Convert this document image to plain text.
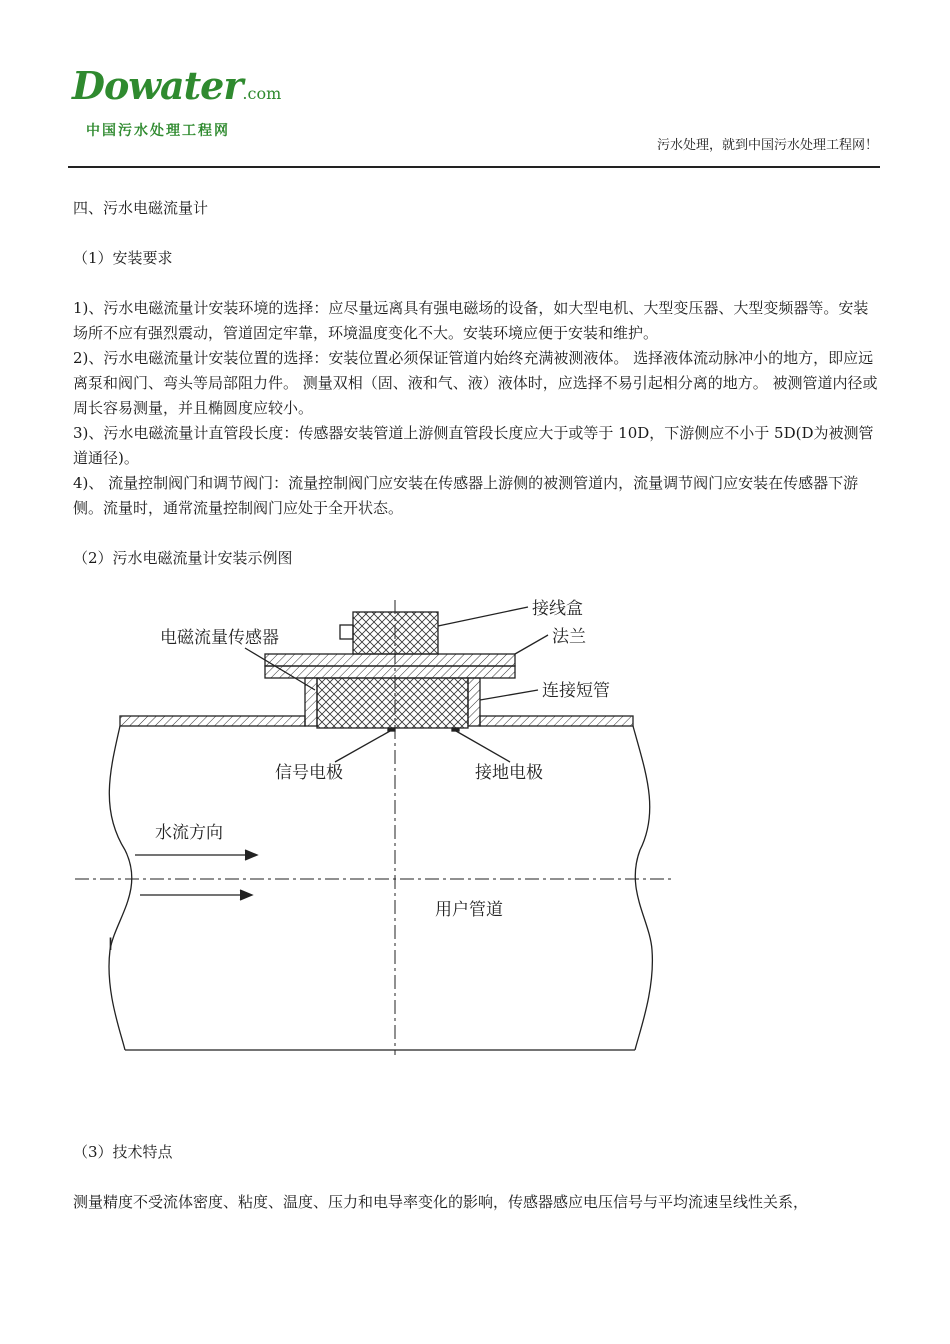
Dowater.com
中国污水处理工程网
污水处理，就到中国污水处理工程网！

四、污水电磁流量计

（1）安装要求

1)、污水电磁流量计安装环境的选择：应尽量远离具有强电磁场的设备，如大型电机、大型变压器、大型变频器等。安装场所不应有强烈震动，管道固定牢靠，环境温度变化不大。安装环境应便于安装和维护。

2)、污水电磁流量计安装位置的选择：安装位置必须保证管道内始终充满被测液体。 选择液体流动脉冲小的地方，即应远离泵和阀门、弯头等局部阻力件。 测量双相（固、液和气、液）液体时，应选择不易引起相分离的地方。 被测管道内径或周长容易测量，并且椭圆度应较小。

3)、污水电磁流量计直管段长度：传感器安装管道上游侧直管段长度应大于或等于 10D，下游侧应不小于 5D(D为被测管道通径)。

4)、 流量控制阀门和调节阀门：流量控制阀门应安装在传感器上游侧的被测管道内，流量调节阀门应安装在传感器下游侧。流量时，通常流量控制阀门应处于全开状态。

（2）污水电磁流量计安装示例图

接线盒
电磁流量传感器	法兰
连接短管
信号电极	接地电极
水流方向
用户管道
I

（3）技术特点

测量精度不受流体密度、粘度、温度、压力和电导率变化的影响，传感器感应电压信号与平均流速呈线性关系，
